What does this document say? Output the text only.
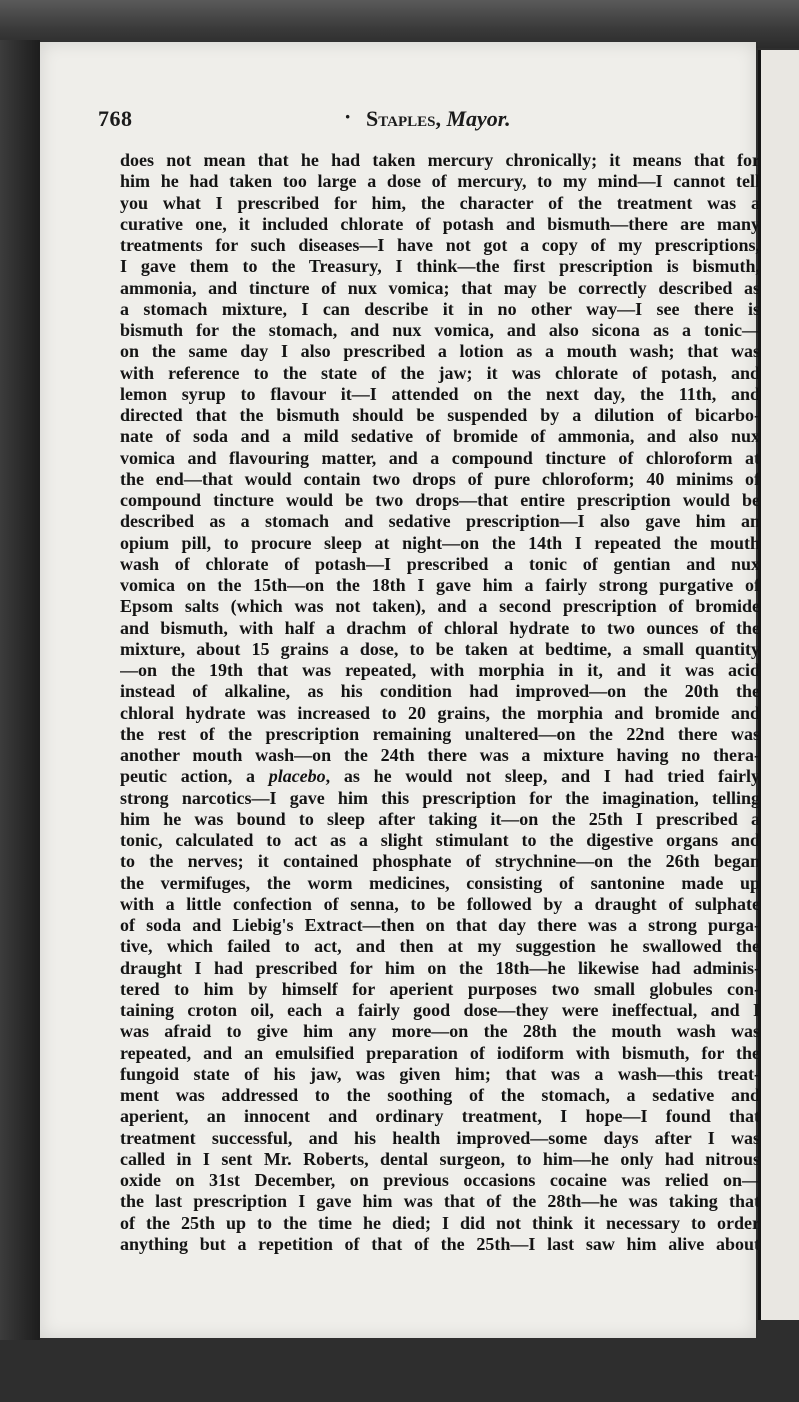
768	· Staples, Mayor.
does not mean that he had taken mercury chronically; it means that for
him he had taken too large a dose of mercury, to my mind—I cannot tell
you what I prescribed for him, the character of the treatment was a
curative one, it included chlorate of potash and bismuth—there are many
treatments for such diseases—I have not got a copy of my prescriptions,
I gave them to the Treasury, I think—the first prescription is bismuth,
ammonia, and tincture of nux vomica; that may be correctly described as
a stomach mixture, I can describe it in no other way—I see there is
bismuth for the stomach, and nux vomica, and also sicona as a tonic—
on the same day I also prescribed a lotion as a mouth wash; that was
with reference to the state of the jaw; it was chlorate of potash, and
lemon syrup to flavour it—I attended on the next day, the 11th, and
directed that the bismuth should be suspended by a dilution of bicarbo-
nate of soda and a mild sedative of bromide of ammonia, and also nux
vomica and flavouring matter, and a compound tincture of chloroform at
the end—that would contain two drops of pure chloroform; 40 minims of
compound tincture would be two drops—that entire prescription would be
described as a stomach and sedative prescription—I also gave him an
opium pill, to procure sleep at night—on the 14th I repeated the mouth
wash of chlorate of potash—I prescribed a tonic of gentian and nux
vomica on the 15th—on the 18th I gave him a fairly strong purgative of
Epsom salts (which was not taken), and a second prescription of bromide
and bismuth, with half a drachm of chloral hydrate to two ounces of the
mixture, about 15 grains a dose, to be taken at bedtime, a small quantity
—on the 19th that was repeated, with morphia in it, and it was acid
instead of alkaline, as his condition had improved—on the 20th the
chloral hydrate was increased to 20 grains, the morphia and bromide and
the rest of the prescription remaining unaltered—on the 22nd there was
another mouth wash—on the 24th there was a mixture having no thera-
peutic action, a placebo, as he would not sleep, and I had tried fairly
strong narcotics—I gave him this prescription for the imagination, telling
him he was bound to sleep after taking it—on the 25th I prescribed a
tonic, calculated to act as a slight stimulant to the digestive organs and
to the nerves; it contained phosphate of strychnine—on the 26th began
the vermifuges, the worm medicines, consisting of santonine made up
with a little confection of senna, to be followed by a draught of sulphate
of soda and Liebig's Extract—then on that day there was a strong purga-
tive, which failed to act, and then at my suggestion he swallowed the
draught I had prescribed for him on the 18th—he likewise had adminis-
tered to him by himself for aperient purposes two small globules con-
taining croton oil, each a fairly good dose—they were ineffectual, and I
was afraid to give him any more—on the 28th the mouth wash was
repeated, and an emulsified preparation of iodiform with bismuth, for the
fungoid state of his jaw, was given him; that was a wash—this treat-
ment was addressed to the soothing of the stomach, a sedative and
aperient, an innocent and ordinary treatment, I hope—I found that
treatment successful, and his health improved—some days after I was
called in I sent Mr. Roberts, dental surgeon, to him—he only had nitrous
oxide on 31st December, on previous occasions cocaine was relied on—
the last prescription I gave him was that of the 28th—he was taking that
of the 25th up to the time he died; I did not think it necessary to order
anything but a repetition of that of the 25th—I last saw him alive about
